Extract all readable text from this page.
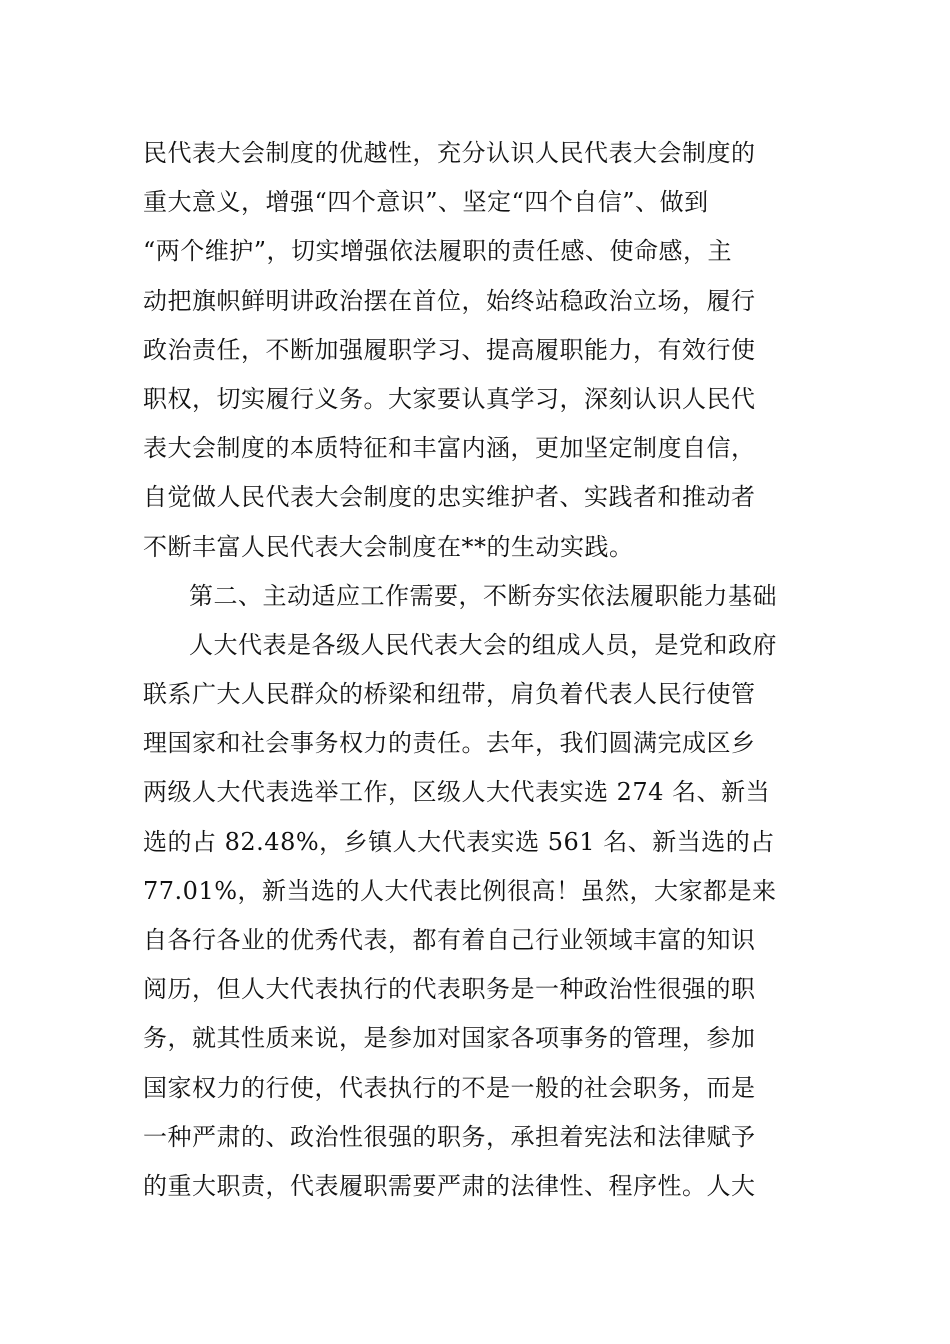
民代表大会制度的优越性，充分认识人民代表大会制度的
重大意义，增强“四个意识”、坚定“四个自信”、做到
“两个维护”，切实增强依法履职的责任感、使命感，主
动把旗帜鲜明讲政治摆在首位，始终站稳政治立场，履行
政治责任，不断加强履职学习、提高履职能力，有效行使
职权，切实履行义务。大家要认真学习，深刻认识人民代
表大会制度的本质特征和丰富内涵，更加坚定制度自信，
自觉做人民代表大会制度的忠实维护者、实践者和推动者
不断丰富人民代表大会制度在**的生动实践。
第二、主动适应工作需要，不断夯实依法履职能力基础
人大代表是各级人民代表大会的组成人员，是党和政府
联系广大人民群众的桥梁和纽带，肩负着代表人民行使管
理国家和社会事务权力的责任。去年，我们圆满完成区乡
两级人大代表选举工作，区级人大代表实选 274 名、新当
选的占 82.48%，乡镇人大代表实选 561 名、新当选的占
77.01%，新当选的人大代表比例很高！虽然，大家都是来
自各行各业的优秀代表，都有着自己行业领域丰富的知识
阅历，但人大代表执行的代表职务是一种政治性很强的职
务，就其性质来说，是参加对国家各项事务的管理，参加
国家权力的行使，代表执行的不是一般的社会职务，而是
一种严肃的、政治性很强的职务，承担着宪法和法律赋予
的重大职责，代表履职需要严肃的法律性、程序性。人大
